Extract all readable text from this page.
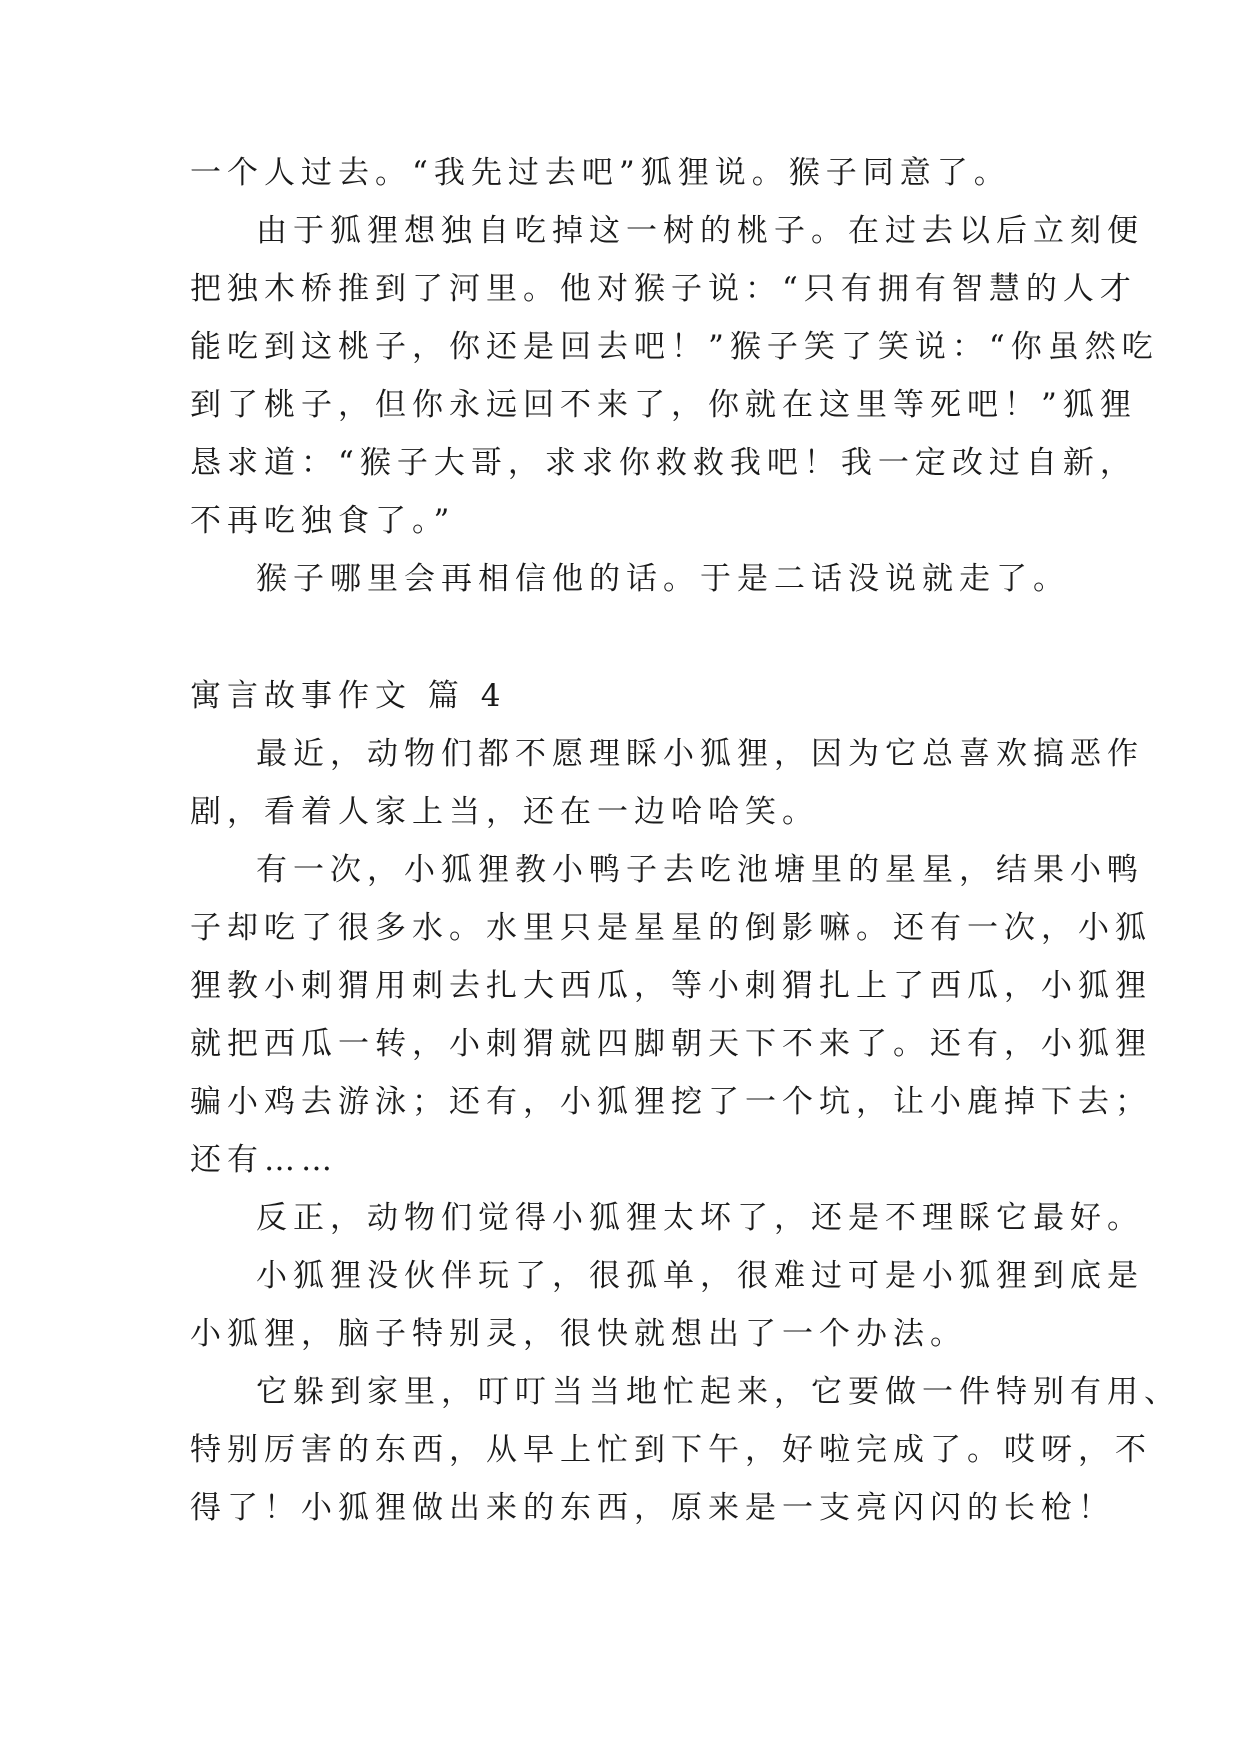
一个人过去。“我先过去吧”狐狸说。猴子同意了。

由于狐狸想独自吃掉这一树的桃子。在过去以后立刻便

把独木桥推到了河里。他对猴子说：“只有拥有智慧的人才

能吃到这桃子，你还是回去吧！”猴子笑了笑说：“你虽然吃

到了桃子，但你永远回不来了，你就在这里等死吧！”狐狸

恳求道：“猴子大哥，求求你救救我吧！我一定改过自新，

不再吃独食了。”

猴子哪里会再相信他的话。于是二话没说就走了。

寓言故事作文 篇 4

最近，动物们都不愿理睬小狐狸，因为它总喜欢搞恶作

剧，看着人家上当，还在一边哈哈笑。

有一次，小狐狸教小鸭子去吃池塘里的星星，结果小鸭

子却吃了很多水。水里只是星星的倒影嘛。还有一次，小狐

狸教小刺猬用刺去扎大西瓜，等小刺猬扎上了西瓜，小狐狸

就把西瓜一转，小刺猬就四脚朝天下不来了。还有，小狐狸

骗小鸡去游泳；还有，小狐狸挖了一个坑，让小鹿掉下去；

还有……

反正，动物们觉得小狐狸太坏了，还是不理睬它最好。

小狐狸没伙伴玩了，很孤单，很难过可是小狐狸到底是

小狐狸，脑子特别灵，很快就想出了一个办法。

它躲到家里，叮叮当当地忙起来，它要做一件特别有用、

特别厉害的东西，从早上忙到下午，好啦完成了。哎呀，不

得了！小狐狸做出来的东西，原来是一支亮闪闪的长枪！
